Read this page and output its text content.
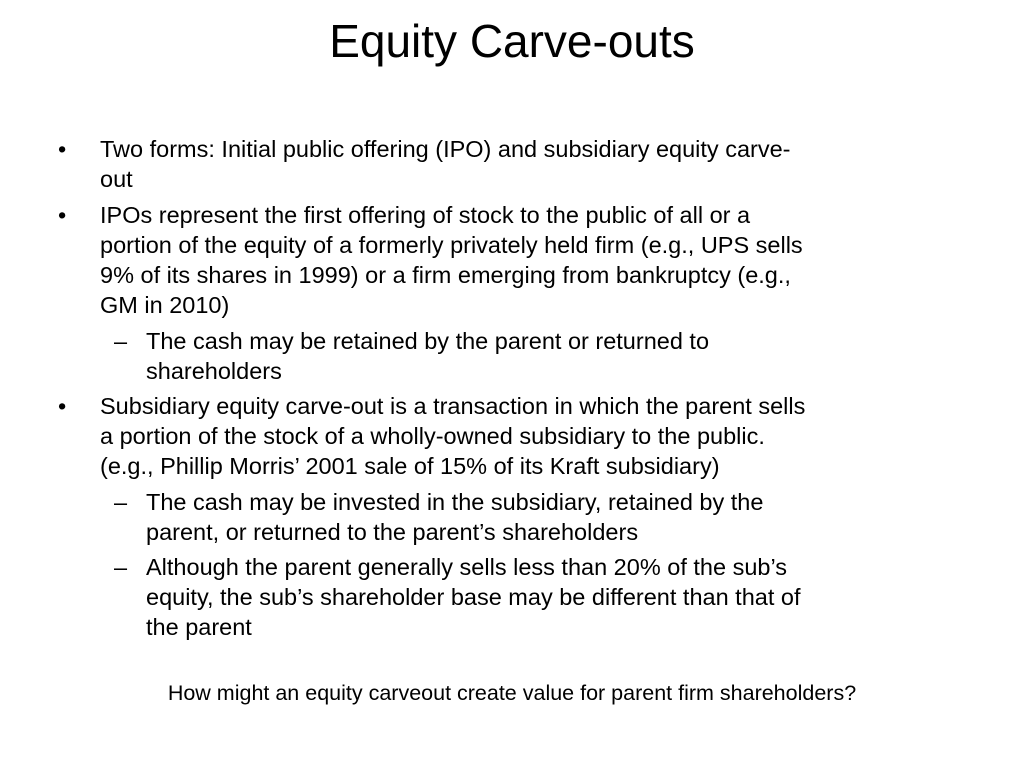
Equity Carve-outs
• Two forms: Initial public offering (IPO) and subsidiary equity carve-
out
• IPOs represent the first offering of stock to the public of all or a
portion of the equity of a formerly privately held firm (e.g., UPS sells
9% of its shares in 1999) or a firm emerging from bankruptcy (e.g.,
GM in 2010)
– The cash may be retained by the parent or returned to
shareholders
• Subsidiary equity carve-out is a transaction in which the parent sells
a portion of the stock of a wholly-owned subsidiary to the public.
(e.g., Phillip Morris’ 2001 sale of 15% of its Kraft subsidiary)
– The cash may be invested in the subsidiary, retained by the
parent, or returned to the parent’s shareholders
– Although the parent generally sells less than 20% of the sub’s
equity, the sub’s shareholder base may be different than that of
the parent
How might an equity carveout create value for parent firm shareholders?
